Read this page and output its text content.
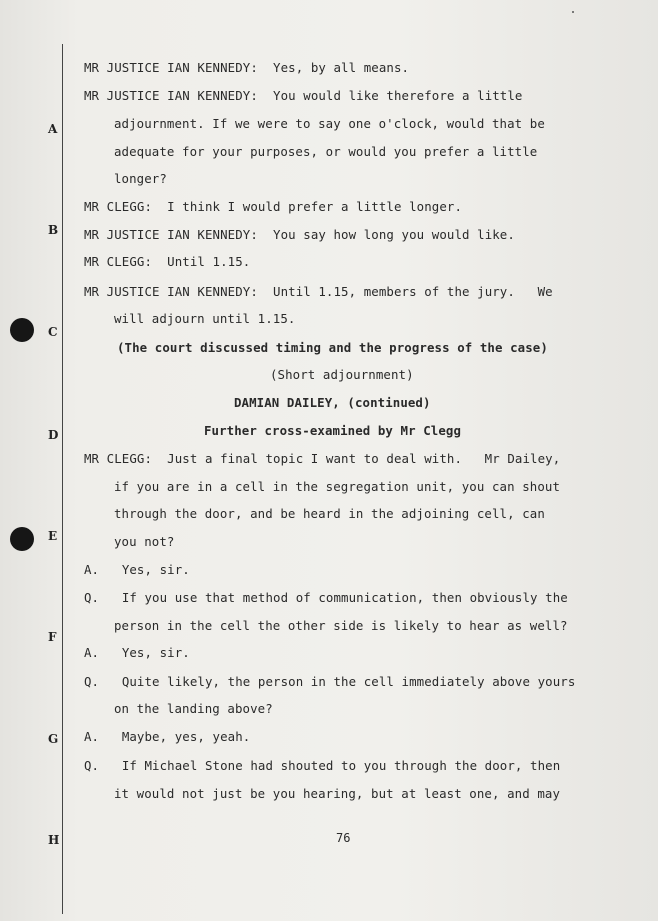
A
B
C
D
E
F
G
H
MR JUSTICE IAN KENNEDY: Yes, by all means.
MR JUSTICE IAN KENNEDY: You would like therefore a little
adjournment. If we were to say one o'clock, would that be
adequate for your purposes, or would you prefer a little
longer?
MR CLEGG: I think I would prefer a little longer.
MR JUSTICE IAN KENNEDY: You say how long you would like.
MR CLEGG: Until 1.15.
MR JUSTICE IAN KENNEDY: Until 1.15, members of the jury.   We
will adjourn until 1.15.
(The court discussed timing and the progress of the case)
(Short adjournment)
DAMIAN DAILEY, (continued)
Further cross-examined by Mr Clegg
MR CLEGG: Just a final topic I want to deal with.   Mr Dailey,
if you are in a cell in the segregation unit, you can shout
through the door, and be heard in the adjoining cell, can
you not?
A. Yes, sir.
Q. If you use that method of communication, then obviously the
person in the cell the other side is likely to hear as well?
A. Yes, sir.
Q. Quite likely, the person in the cell immediately above yours
on the landing above?
A. Maybe, yes, yeah.
Q. If Michael Stone had shouted to you through the door, then
it would not just be you hearing, but at least one, and may
76
